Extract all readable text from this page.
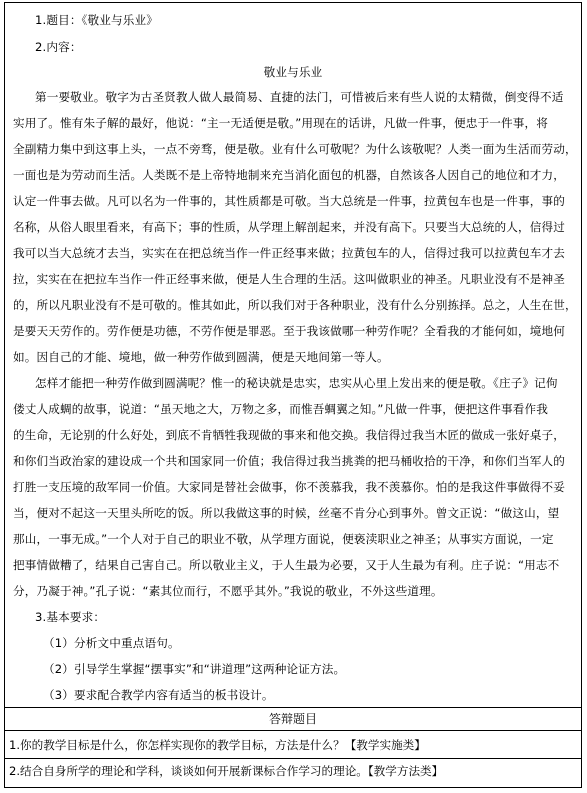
1.题目：《敬业与乐业》
2.内容：
敬业与乐业
第一要敬业。敬字为古圣贤教人做人最简易、直捷的法门，可惜被后来有些人说的太精微，倒变得不适
实用了。惟有朱子解的最好，他说：“主一无适便是敬。”用现在的话讲，凡做一件事，便忠于一件事，将
全副精力集中到这事上头，一点不旁骛，便是敬。业有什么可敬呢？为什么该敬呢？人类一面为生活而劳动，
一面也是为劳动而生活。人类既不是上帝特地制来充当消化面包的机器，自然该各人因自己的地位和才力，
认定一件事去做。凡可以名为一件事的，其性质都是可敬。当大总统是一件事，拉黄包车也是一件事，事的
名称，从俗人眼里看来，有高下；事的性质，从学理上解剖起来，并没有高下。只要当大总统的人，信得过
我可以当大总统才去当，实实在在把总统当作一件正经事来做；拉黄包车的人，信得过我可以拉黄包车才去
拉，实实在在把拉车当作一件正经事来做，便是人生合理的生活。这叫做职业的神圣。凡职业没有不是神圣
的，所以凡职业没有不是可敬的。惟其如此，所以我们对于各种职业，没有什么分别拣择。总之，人生在世，
是要天天劳作的。劳作便是功德，不劳作便是罪恶。至于我该做哪一种劳作呢？全看我的才能何如，境地何
如。因自己的才能、境地，做一种劳作做到圆满，便是天地间第一等人。
怎样才能把一种劳作做到圆满呢？惟一的秘诀就是忠实，忠实从心里上发出来的便是敬。《庄子》记佝
偻丈人成蜩的故事，说道：“虽天地之大，万物之多，而惟吾蜩翼之知。”凡做一件事，便把这件事看作我
的生命，无论别的什么好处，到底不肯牺牲我现做的事来和他交换。我信得过我当木匠的做成一张好桌子，
和你们当政治家的建设成一个共和国家同一价值；我信得过我当挑粪的把马桶收拾的干净，和你们当军人的
打胜一支压境的敌军同一价值。大家同是替社会做事，你不羡慕我，我不羡慕你。怕的是我这件事做得不妥
当，便对不起这一天里头所吃的饭。所以我做这事的时候，丝毫不肯分心到事外。曾文正说：“做这山，望
那山，一事无成。”一个人对于自己的职业不敬，从学理方面说，便亵渎职业之神圣；从事实方面说，一定
把事情做糟了，结果自己害自己。所以敬业主义，于人生最为必要，又于人生最为有利。庄子说：“用志不
分，乃凝于神。”孔子说：“素其位而行，不愿乎其外。”我说的敬业，不外这些道理。
3.基本要求：
（1）分析文中重点语句。
（2）引导学生掌握“摆事实”和“讲道理”这两种论证方法。
（3）要求配合教学内容有适当的板书设计。
答辩题目
1.你的教学目标是什么，你怎样实现你的教学目标，方法是什么？【教学实施类】
2.结合自身所学的理论和学科，谈谈如何开展新课标合作学习的理论。【教学方法类】
